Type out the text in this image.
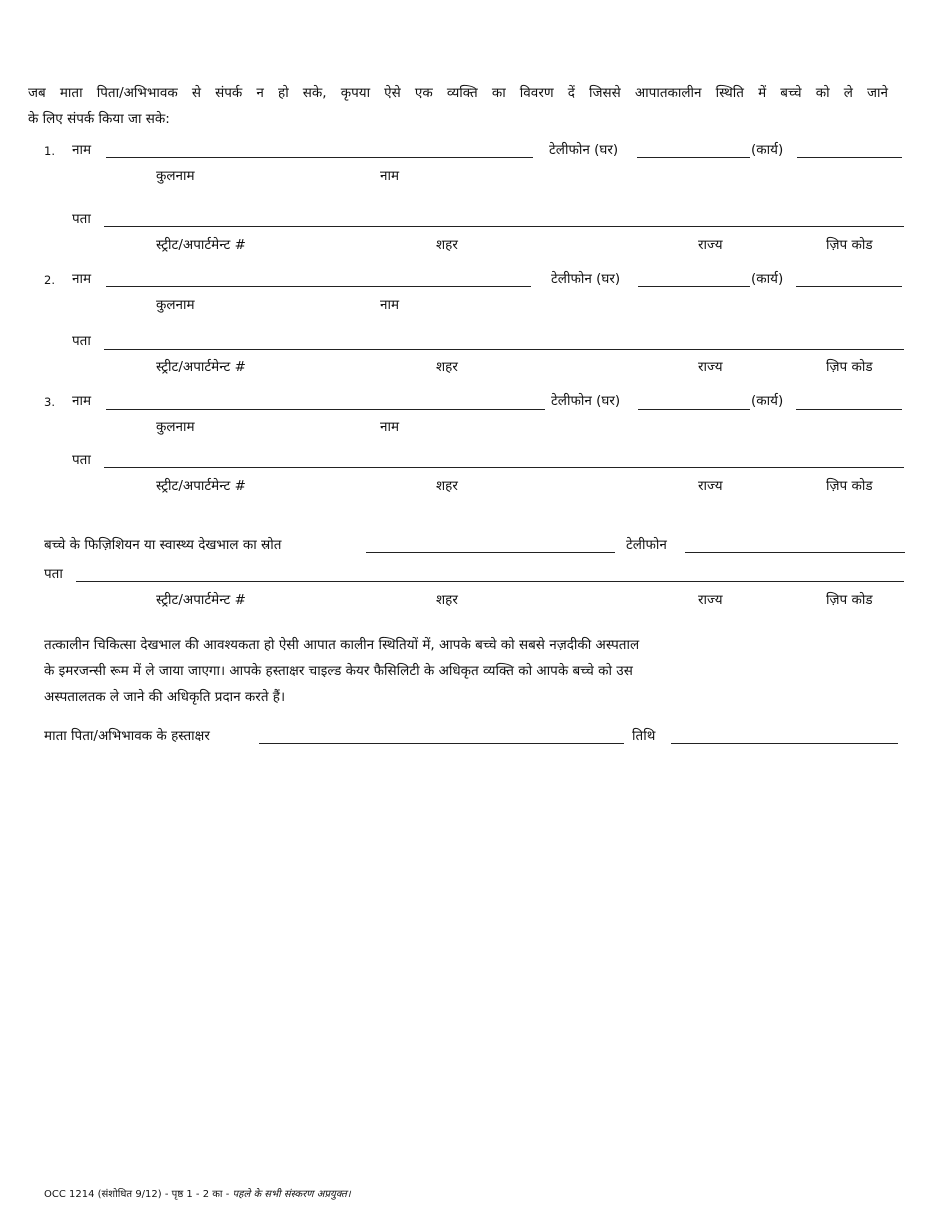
जब माता पिता/अभिभावक से संपर्क न हो सके, कृपया ऐसे एक व्यक्ति का विवरण दें जिससे आपातकालीन स्थिति में बच्चे को ले जाने
के लिए संपर्क किया जा सके:
1. नाम	टेलीफोन (घर)	(कार्य)
कुलनाम	नाम
पता
स्ट्रीट/अपार्टमेन्ट #	शहर	राज्य	ज़िप कोड
2. नाम	टेलीफोन (घर)	(कार्य)
कुलनाम	नाम
पता
स्ट्रीट/अपार्टमेन्ट #	शहर	राज्य	ज़िप कोड
3. नाम	टेलीफोन (घर)	(कार्य)
कुलनाम	नाम
पता
स्ट्रीट/अपार्टमेन्ट #	शहर	राज्य	ज़िप कोड
बच्चे के फिज़िशियन या स्वास्थ्य देखभाल का स्रोत	टेलीफोन
पता
स्ट्रीट/अपार्टमेन्ट #	शहर	राज्य	ज़िप कोड
तत्कालीन चिकित्सा देखभाल की आवश्यकता हो ऐसी आपात कालीन स्थितियों में, आपके बच्चे को सबसे नज़दीकी अस्पताल
के इमरजन्सी रूम में ले जाया जाएगा। आपके हस्ताक्षर चाइल्ड केयर फैसिलिटी के अधिकृत व्यक्ति को आपके बच्चे को उस
अस्पतालतक ले जाने की अधिकृति प्रदान करते हैं।
माता पिता/अभिभावक के हस्ताक्षर	तिथि
OCC 1214 (संशोधित 9/12) - पृष्ठ 1 - 2 का - पहले के सभी संस्करण अप्रयुक्त।
